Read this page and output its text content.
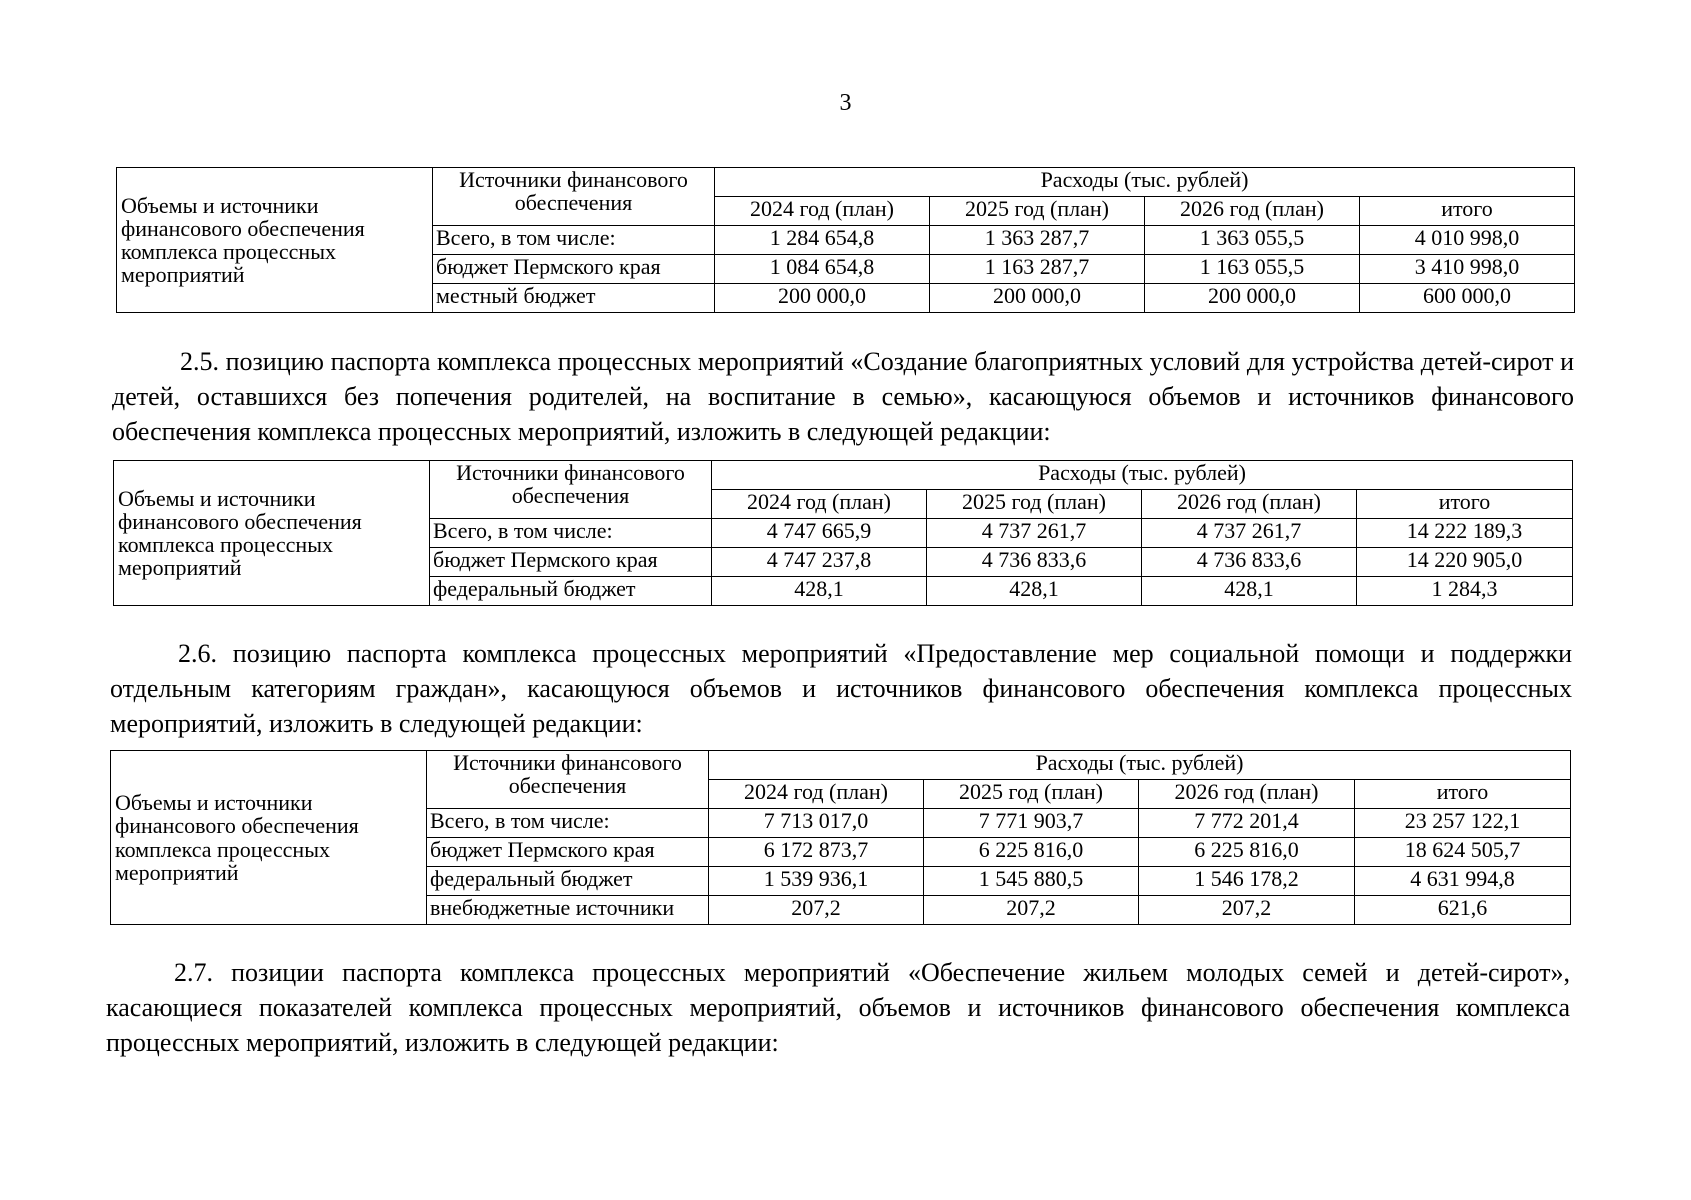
3
Объемы и источники финансового обеспечения комплекса процессных мероприятий	Источники финансового обеспечения	Расходы (тыс. рублей)			
		2024 год (план)	2025 год (план)	2026 год (план)	итого
	Всего, в том числе:	1 284 654,8	1 363 287,7	1 363 055,5	4 010 998,0
	бюджет Пермского края	1 084 654,8	1 163 287,7	1 163 055,5	3 410 998,0
	местный бюджет	200 000,0	200 000,0	200 000,0	600 000,0

2.5. позицию паспорта комплекса процессных мероприятий «Создание благоприятных условий для устройства детей-сирот и детей, оставшихся без попечения родителей, на воспитание в семью», касающуюся объемов и источников финансового обеспечения комплекса процессных мероприятий, изложить в следующей редакции:

Объемы и источники финансового обеспечения комплекса процессных мероприятий	Источники финансового обеспечения	Расходы (тыс. рублей)			
		2024 год (план)	2025 год (план)	2026 год (план)	итого
	Всего, в том числе:	4 747 665,9	4 737 261,7	4 737 261,7	14 222 189,3
	бюджет Пермского края	4 747 237,8	4 736 833,6	4 736 833,6	14 220 905,0
	федеральный бюджет	428,1	428,1	428,1	1 284,3

2.6. позицию паспорта комплекса процессных мероприятий «Предоставление мер социальной помощи и поддержки отдельным категориям граждан», касающуюся объемов и источников финансового обеспечения комплекса процессных мероприятий, изложить в следующей редакции:

Объемы и источники финансового обеспечения комплекса процессных мероприятий	Источники финансового обеспечения	Расходы (тыс. рублей)			
		2024 год (план)	2025 год (план)	2026 год (план)	итого
	Всего, в том числе:	7 713 017,0	7 771 903,7	7 772 201,4	23 257 122,1
	бюджет Пермского края	6 172 873,7	6 225 816,0	6 225 816,0	18 624 505,7
	федеральный бюджет	1 539 936,1	1 545 880,5	1 546 178,2	4 631 994,8
	внебюджетные источники	207,2	207,2	207,2	621,6

2.7. позиции паспорта комплекса процессных мероприятий «Обеспечение жильем молодых семей и детей-сирот», касающиеся показателей комплекса процессных мероприятий, объемов и источников финансового обеспечения комплекса процессных мероприятий, изложить в следующей редакции:
